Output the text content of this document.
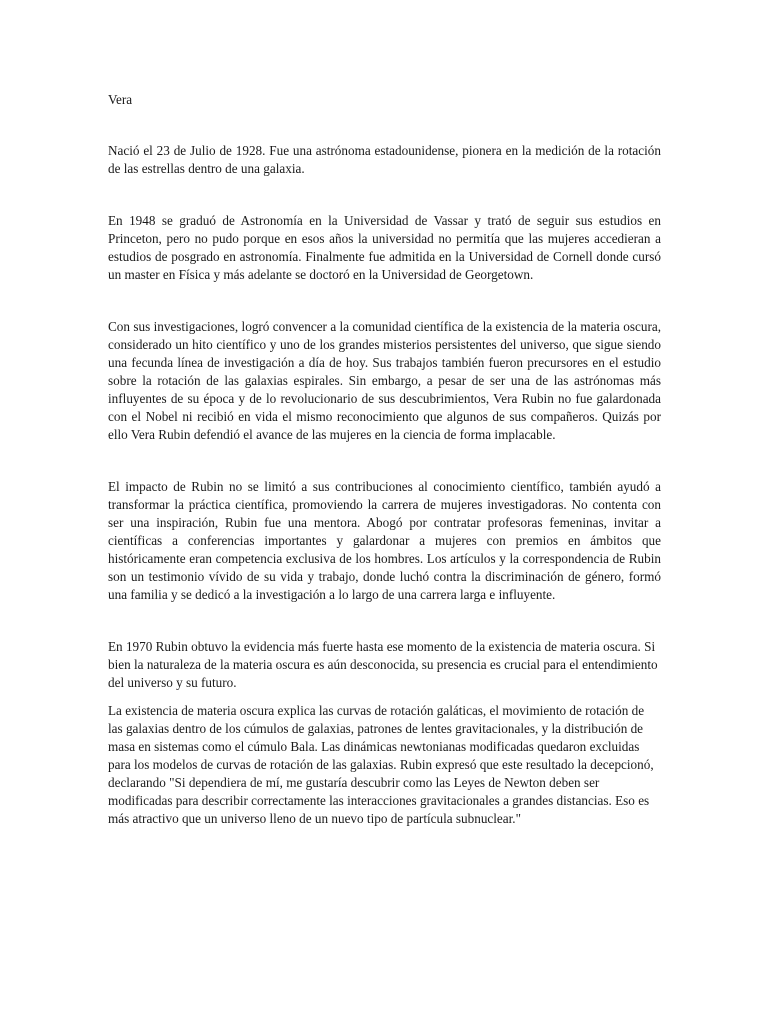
Vera

Nació el 23 de Julio de 1928. Fue una astrónoma estadounidense, pionera en la medición de la rotación de las estrellas dentro de una galaxia.

En 1948 se graduó de Astronomía en la Universidad de Vassar y trató de seguir sus estudios en Princeton, pero no pudo porque en esos años la universidad no permitía que las mujeres accedieran a estudios de posgrado en astronomía. Finalmente fue admitida en la Universidad de Cornell donde cursó un master en Física y más adelante se doctoró en la Universidad de Georgetown.

Con sus investigaciones, logró convencer a la comunidad científica de la existencia de la materia oscura, considerado un hito científico y uno de los grandes misterios persistentes del universo, que sigue siendo una fecunda línea de investigación a día de hoy. Sus trabajos también fueron precursores en el estudio sobre la rotación de las galaxias espirales. Sin embargo, a pesar de ser una de las astrónomas más influyentes de su época y de lo revolucionario de sus descubrimientos, Vera Rubin no fue galardonada con el Nobel ni recibió en vida el mismo reconocimiento que algunos de sus compañeros. Quizás por ello Vera Rubin defendió el avance de las mujeres en la ciencia de forma implacable.

El impacto de Rubin no se limitó a sus contribuciones al conocimiento científico, también ayudó a transformar la práctica científica, promoviendo la carrera de mujeres investigadoras. No contenta con ser una inspiración, Rubin fue una mentora. Abogó por contratar profesoras femeninas, invitar a científicas a conferencias importantes y galardonar a mujeres con premios en ámbitos que históricamente eran competencia exclusiva de los hombres. Los artículos y la correspondencia de Rubin son un testimonio vívido de su vida y trabajo, donde luchó contra la discriminación de género, formó una familia y se dedicó a la investigación a lo largo de una carrera larga e influyente.

En 1970 Rubin obtuvo la evidencia más fuerte hasta ese momento de la existencia de materia oscura. Si bien la naturaleza de la materia oscura es aún desconocida, su presencia es crucial para el entendimiento del universo y su futuro.

La existencia de materia oscura explica las curvas de rotación galáticas, el movimiento de rotación de las galaxias dentro de los cúmulos de galaxias, patrones de lentes gravitacionales, y la distribución de masa en sistemas como el cúmulo Bala. Las dinámicas newtonianas modificadas quedaron excluidas para los modelos de curvas de rotación de las galaxias. Rubin expresó que este resultado la decepcionó, declarando "Si dependiera de mí, me gustaría descubrir como las Leyes de Newton deben ser modificadas para describir correctamente las interacciones gravitacionales a grandes distancias. Eso es más atractivo que un universo lleno de un nuevo tipo de partícula subnuclear."
